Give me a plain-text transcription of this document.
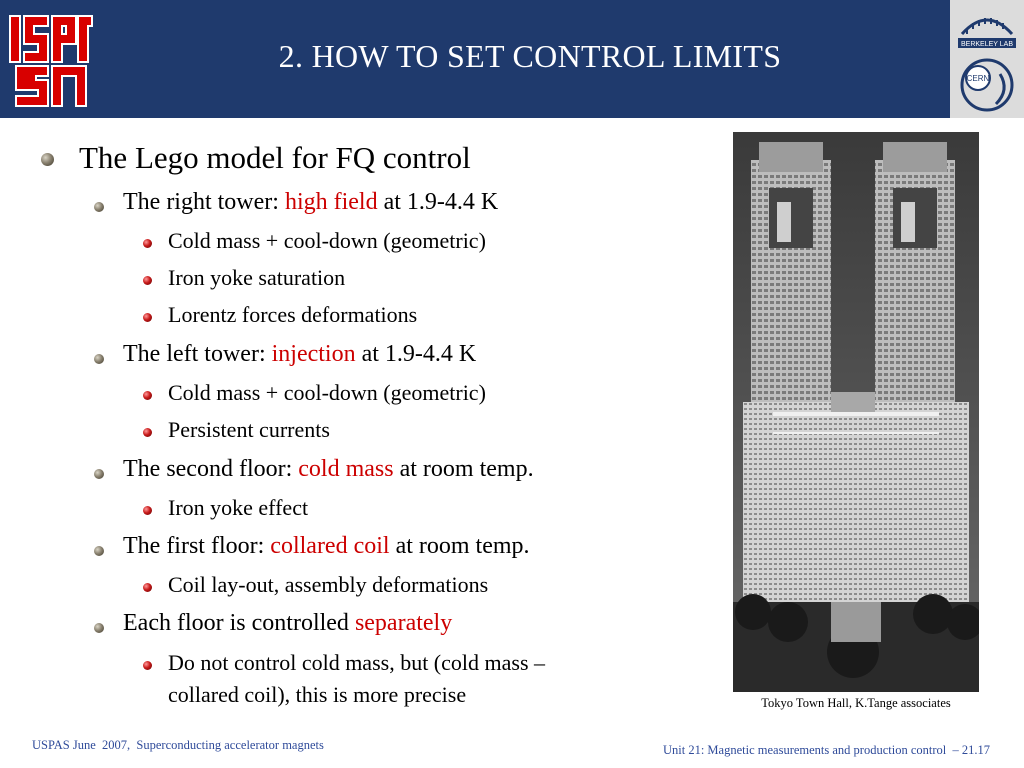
2. HOW TO SET CONTROL LIMITS	BERKELEY LAB
CERN
The Lego model for FQ control
The right tower: high field at 1.9-4.4 K
Cold mass + cool-down (geometric)
Iron yoke saturation
Lorentz forces deformations
The left tower: injection at 1.9-4.4 K
Cold mass + cool-down (geometric)
Persistent currents
The second floor: cold mass at room temp.
Iron yoke effect
The first floor: collared coil at room temp.
Coil lay-out, assembly deformations
Each floor is controlled separately
Do not control cold mass, but (cold mass –
collared coil), this is more precise	Tokyo Town Hall, K.Tange associates
USPAS June  2007,  Superconducting accelerator magnets	Unit 21: Magnetic measurements and production control  – 21.17
